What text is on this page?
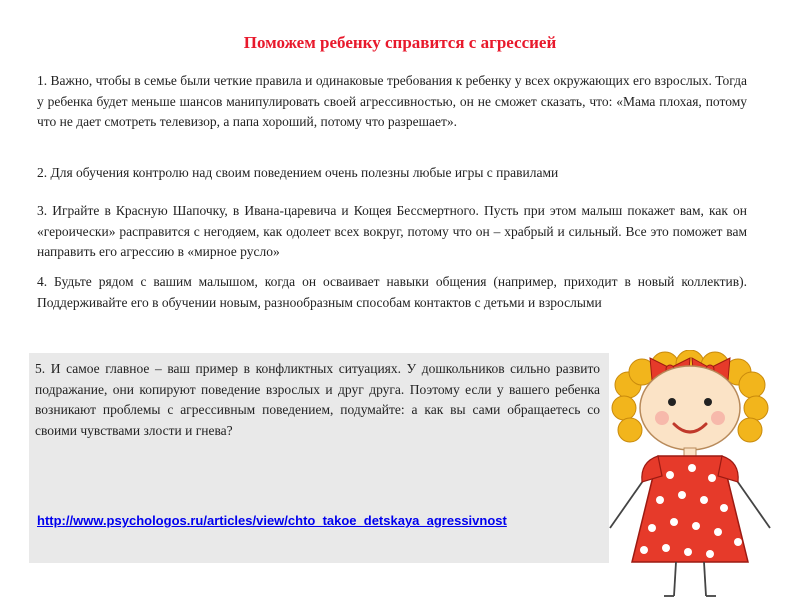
Поможем ребенку справится с агрессией

1. Важно, чтобы в семье были четкие правила и одинаковые требования к ребенку у всех окружающих его взрослых. Тогда у ребенка будет меньше шансов манипулировать своей агрессивностью, он не сможет сказать, что: «Мама плохая, потому что не дает смотреть телевизор, а папа хороший, потому что разрешает».

2. Для обучения контролю над своим поведением очень полезны любые игры с правилами

3. Играйте в Красную Шапочку, в Ивана-царевича и Кощея Бессмертного. Пусть при этом малыш покажет вам, как он «героически» расправится с негодяем, как одолеет всех вокруг, потому что он – храбрый и сильный. Все это поможет вам направить его агрессию в «мирное русло»

4. Будьте рядом с вашим малышом, когда он осваивает навыки общения (например, приходит в новый коллектив). Поддерживайте его в обучении новым, разнообразным способам контактов с детьми и взрослыми

5. И самое главное – ваш пример в конфликтных ситуациях. У дошкольников сильно развито подражание, они копируют поведение взрослых и друг друга. Поэтому если у вашего ребенка возникают проблемы с агрессивным поведением, подумайте: а как вы сами обращаетесь со своими чувствами злости и гнева?

http://www.psychologos.ru/articles/view/chto_takoe_detskaya_agressivnost
